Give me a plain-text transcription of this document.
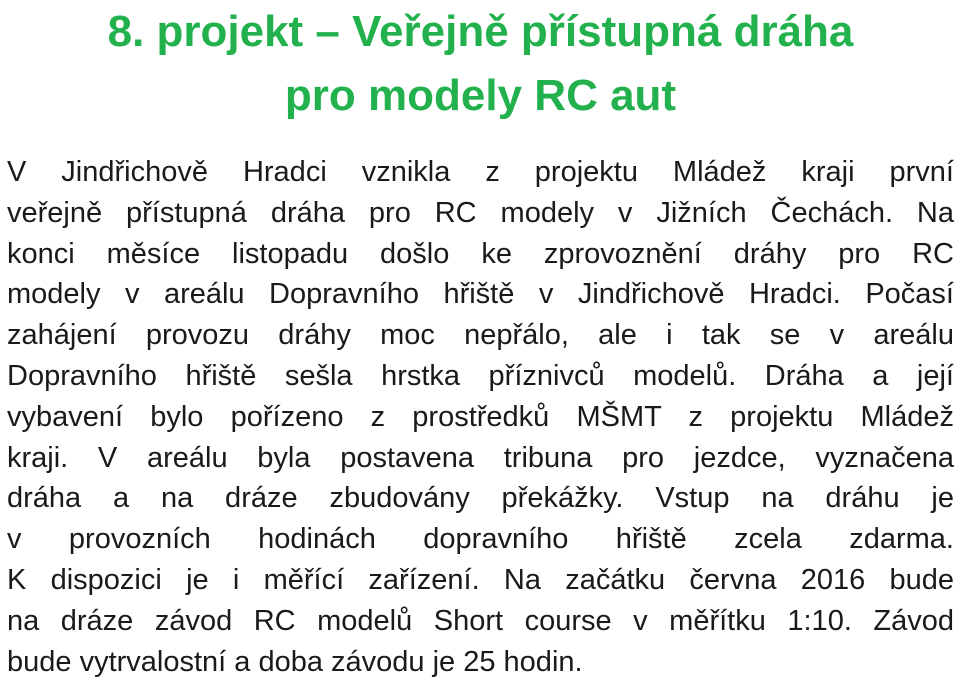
8. projekt – Veřejně přístupná dráha
pro modely RC aut
V Jindřichově Hradci vznikla z projektu Mládež kraji první
veřejně přístupná dráha pro RC modely v Jižních Čechách. Na
konci měsíce listopadu došlo ke zprovoznění dráhy pro RC
modely v areálu Dopravního hřiště v Jindřichově Hradci. Počasí
zahájení provozu dráhy moc nepřálo, ale i tak se v areálu
Dopravního hřiště sešla hrstka příznivců modelů. Dráha a její
vybavení bylo pořízeno z prostředků MŠMT z projektu Mládež
kraji. V areálu byla postavena tribuna pro jezdce, vyznačena
dráha a na dráze zbudovány překážky. Vstup na dráhu je
v provozních hodinách dopravního hřiště zcela zdarma.
K dispozici je i měřící zařízení. Na začátku června 2016 bude
na dráze závod RC modelů Short course v měřítku 1:10. Závod
bude vytrvalostní a doba závodu je 25 hodin.
